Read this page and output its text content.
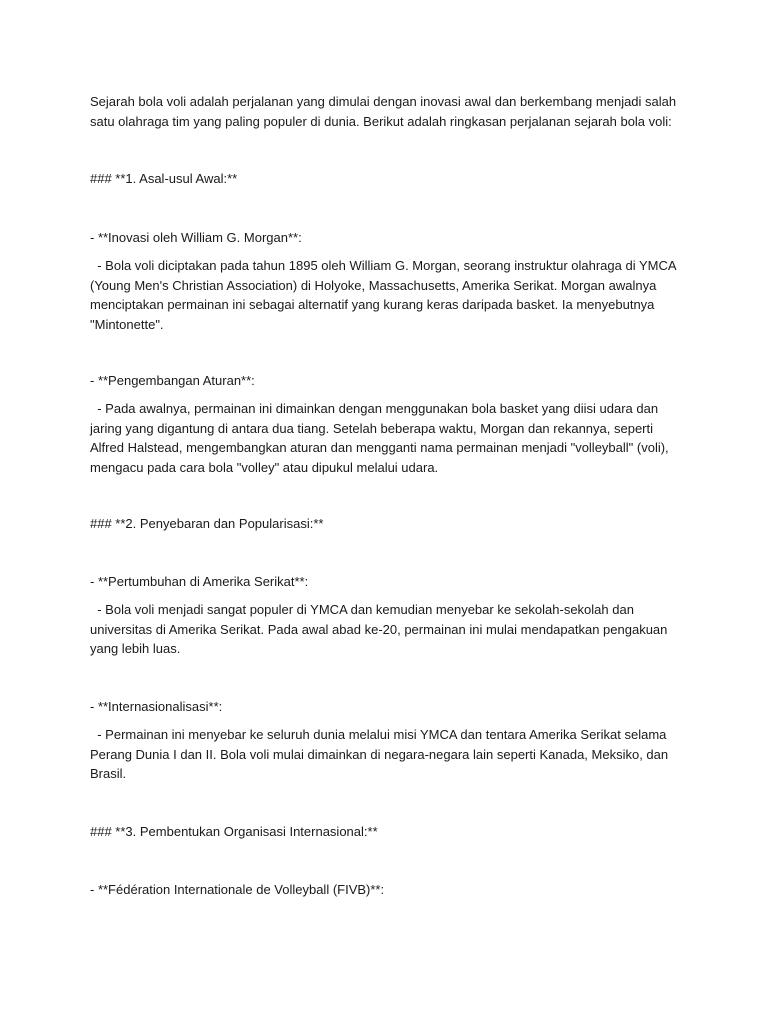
Sejarah bola voli adalah perjalanan yang dimulai dengan inovasi awal dan berkembang menjadi salah satu olahraga tim yang paling populer di dunia. Berikut adalah ringkasan perjalanan sejarah bola voli:

### **1. Asal-usul Awal:**

- **Inovasi oleh William G. Morgan**:

- Bola voli diciptakan pada tahun 1895 oleh William G. Morgan, seorang instruktur olahraga di YMCA (Young Men's Christian Association) di Holyoke, Massachusetts, Amerika Serikat. Morgan awalnya menciptakan permainan ini sebagai alternatif yang kurang keras daripada basket. Ia menyebutnya "Mintonette".

- **Pengembangan Aturan**:

- Pada awalnya, permainan ini dimainkan dengan menggunakan bola basket yang diisi udara dan jaring yang digantung di antara dua tiang. Setelah beberapa waktu, Morgan dan rekannya, seperti Alfred Halstead, mengembangkan aturan dan mengganti nama permainan menjadi "volleyball" (voli), mengacu pada cara bola "volley" atau dipukul melalui udara.

### **2. Penyebaran dan Popularisasi:**

- **Pertumbuhan di Amerika Serikat**:

- Bola voli menjadi sangat populer di YMCA dan kemudian menyebar ke sekolah-sekolah dan universitas di Amerika Serikat. Pada awal abad ke-20, permainan ini mulai mendapatkan pengakuan yang lebih luas.

- **Internasionalisasi**:

- Permainan ini menyebar ke seluruh dunia melalui misi YMCA dan tentara Amerika Serikat selama Perang Dunia I dan II. Bola voli mulai dimainkan di negara-negara lain seperti Kanada, Meksiko, dan Brasil.

### **3. Pembentukan Organisasi Internasional:**

- **Fédération Internationale de Volleyball (FIVB)**:
